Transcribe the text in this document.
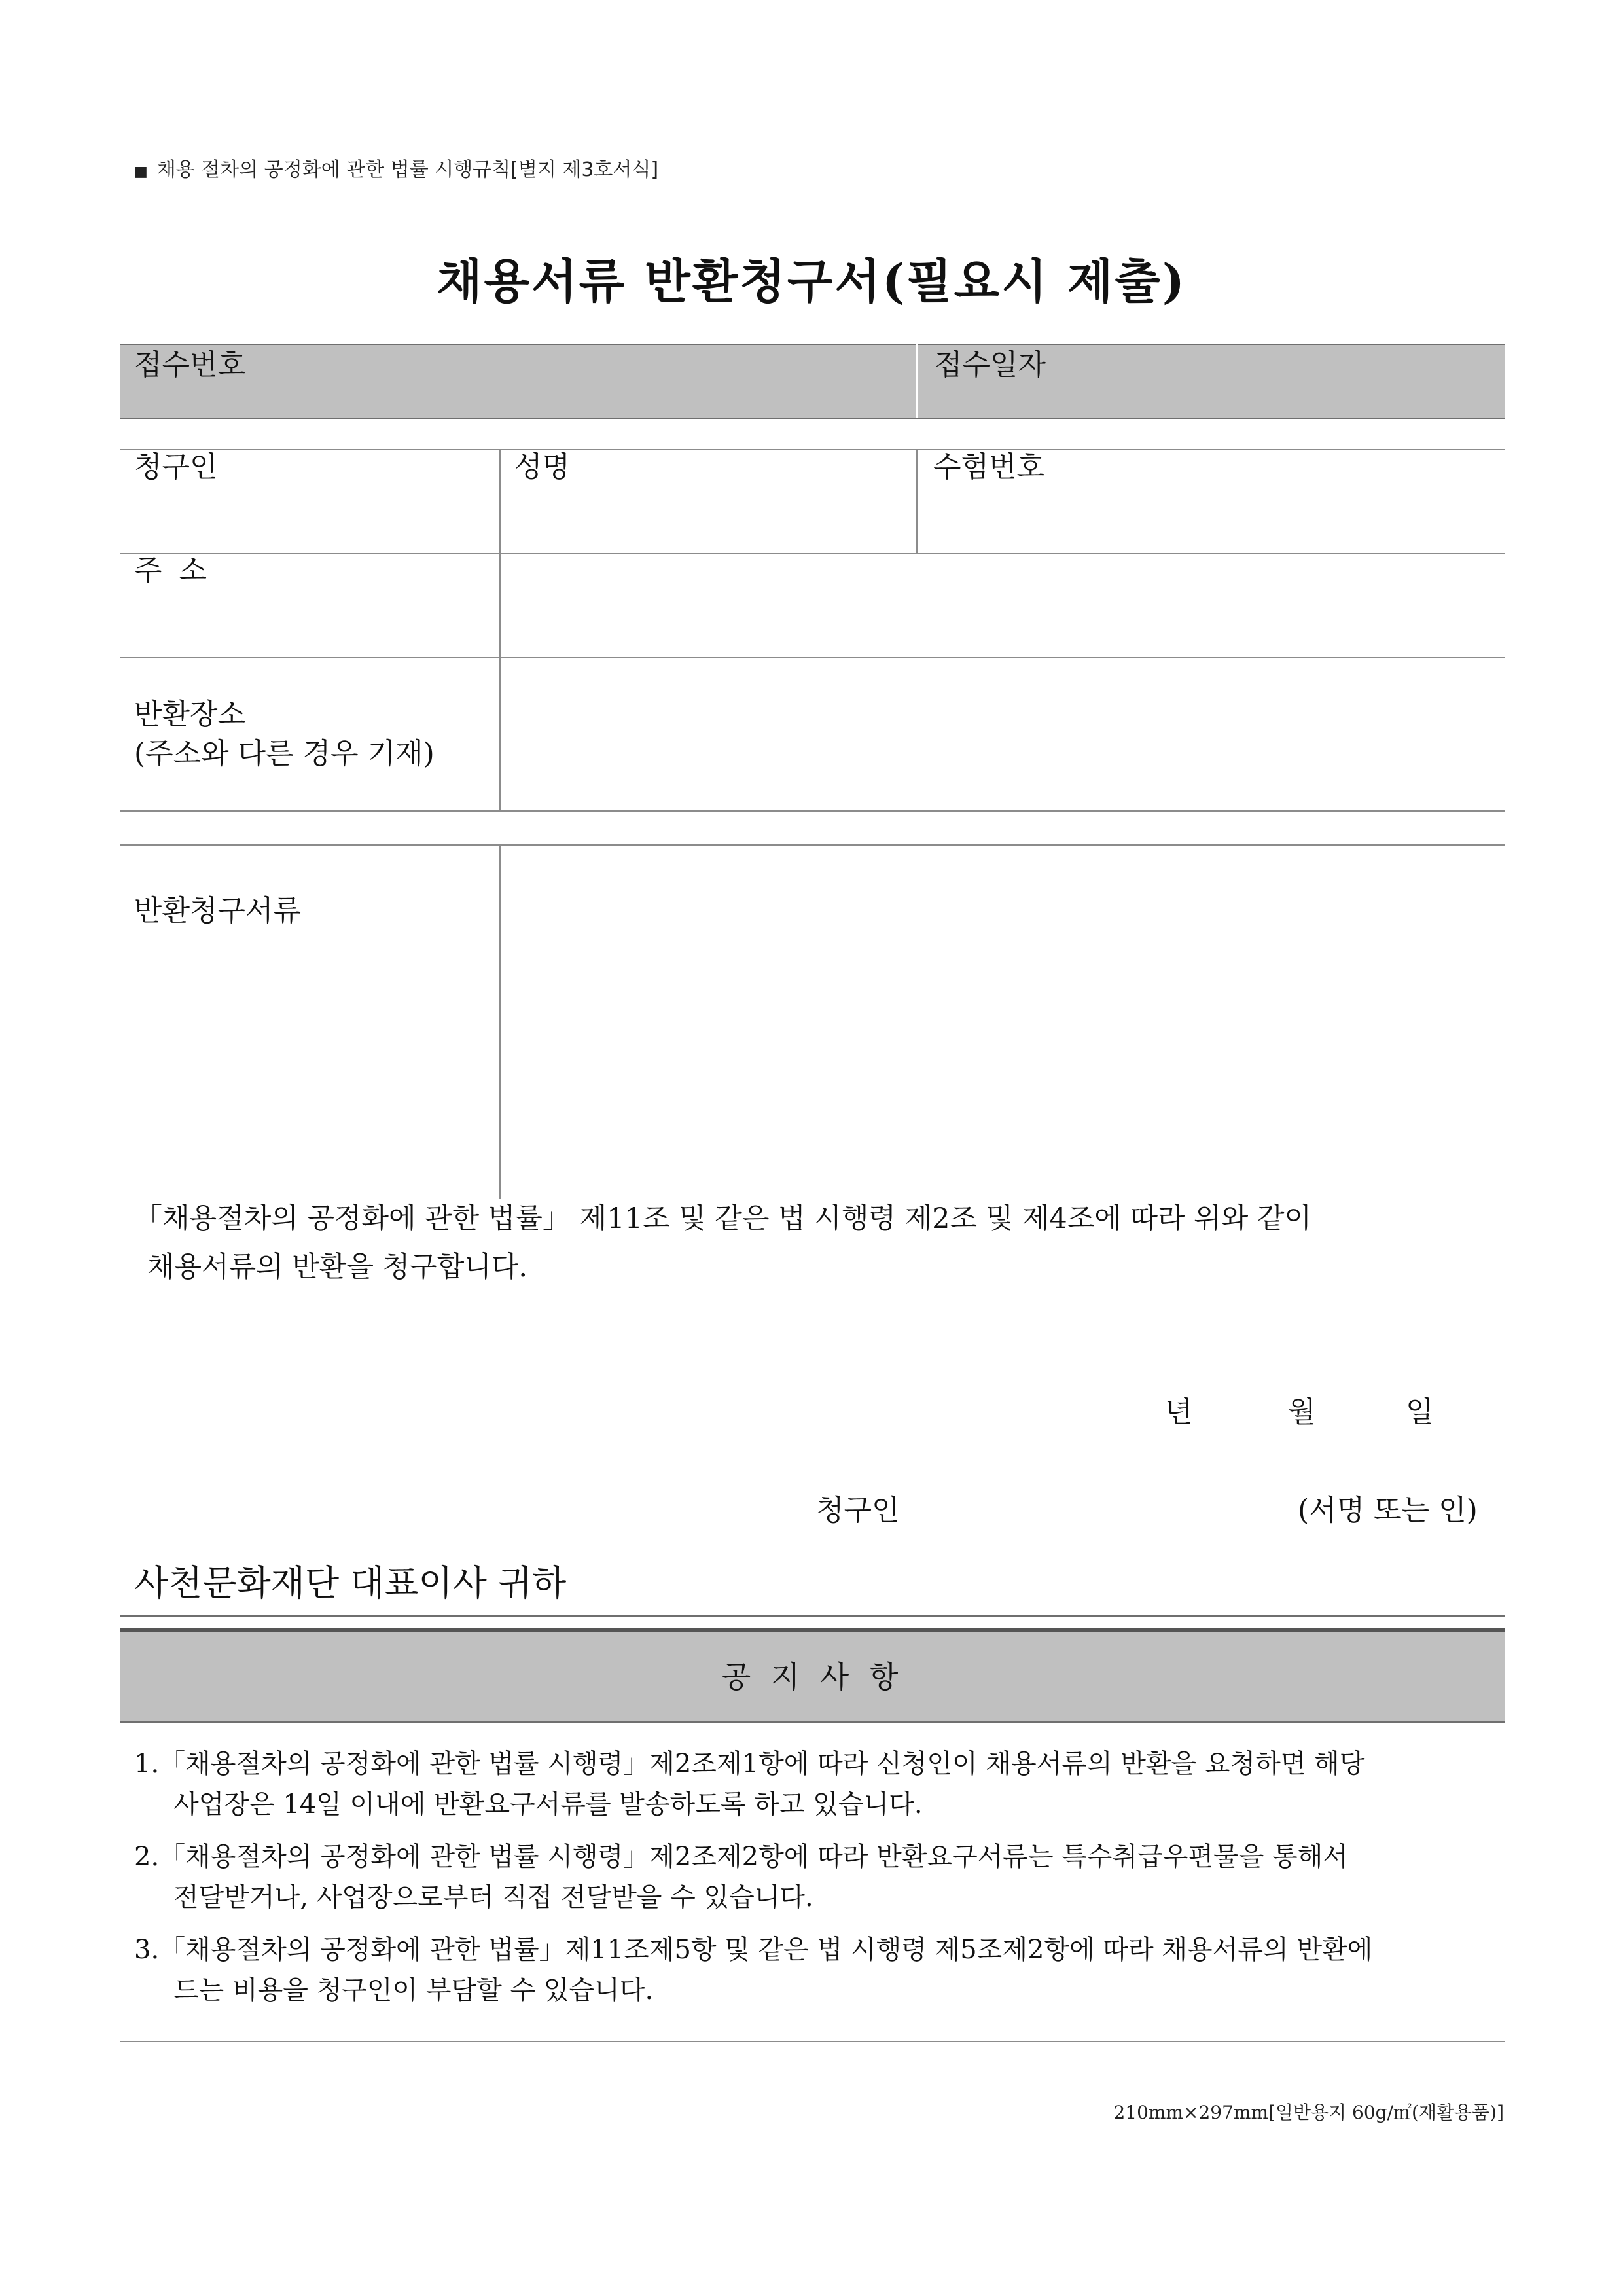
■ 채용 절차의 공정화에 관한 법률 시행규칙[별지 제3호서식]
채용서류 반환청구서(필요시 제출)
접수번호	접수일자
청구인	성명	수험번호
주 소
반환장소
(주소와 다른 경우 기재)
반환청구서류
「채용절차의 공정화에 관한 법률」 제11조 및 같은 법 시행령 제2조 및 제4조에 따라 위와 같이
채용서류의 반환을 청구합니다.
년	월	일
청구인	(서명 또는 인)
사천문화재단 대표이사 귀하
공 지 사 항
1.「채용절차의 공정화에 관한 법률 시행령」제2조제1항에 따라 신청인이 채용서류의 반환을 요청하면 해당
사업장은 14일 이내에 반환요구서류를 발송하도록 하고 있습니다.
2.「채용절차의 공정화에 관한 법률 시행령」제2조제2항에 따라 반환요구서류는 특수취급우편물을 통해서
전달받거나, 사업장으로부터 직접 전달받을 수 있습니다.
3.「채용절차의 공정화에 관한 법률」제11조제5항 및 같은 법 시행령 제5조제2항에 따라 채용서류의 반환에
드는 비용을 청구인이 부담할 수 있습니다.
210mm×297mm[일반용지 60g/㎡(재활용품)]
